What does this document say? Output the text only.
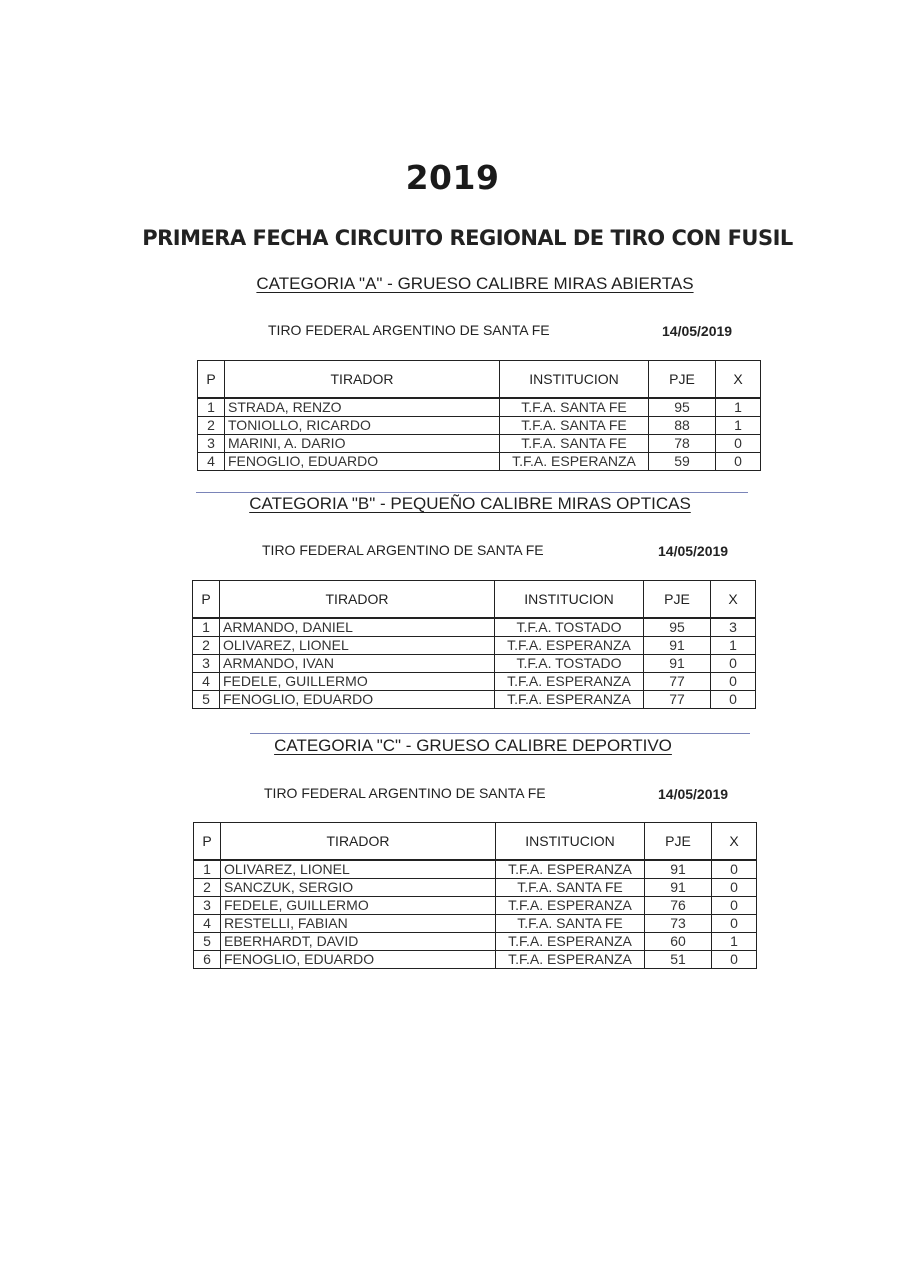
2019
PRIMERA FECHA CIRCUITO REGIONAL DE TIRO CON FUSIL
CATEGORIA "A" - GRUESO CALIBRE MIRAS ABIERTAS
TIRO FEDERAL ARGENTINO DE SANTA FE	14/05/2019
P	TIRADOR	INSTITUCION	PJE	X
1	STRADA, RENZO	T.F.A. SANTA FE	95	1
2	TONIOLLO, RICARDO	T.F.A. SANTA FE	88	1
3	MARINI, A. DARIO	T.F.A. SANTA FE	78	0
4	FENOGLIO, EDUARDO	T.F.A. ESPERANZA	59	0
CATEGORIA "B" - PEQUEÑO CALIBRE MIRAS OPTICAS
TIRO FEDERAL ARGENTINO DE SANTA FE	14/05/2019
P	TIRADOR	INSTITUCION	PJE	X
1	ARMANDO, DANIEL	T.F.A. TOSTADO	95	3
2	OLIVAREZ, LIONEL	T.F.A. ESPERANZA	91	1
3	ARMANDO, IVAN	T.F.A. TOSTADO	91	0
4	FEDELE, GUILLERMO	T.F.A. ESPERANZA	77	0
5	FENOGLIO, EDUARDO	T.F.A. ESPERANZA	77	0
CATEGORIA "C" - GRUESO CALIBRE DEPORTIVO
TIRO FEDERAL ARGENTINO DE SANTA FE	14/05/2019
P	TIRADOR	INSTITUCION	PJE	X
1	OLIVAREZ, LIONEL	T.F.A. ESPERANZA	91	0
2	SANCZUK, SERGIO	T.F.A. SANTA FE	91	0
3	FEDELE, GUILLERMO	T.F.A. ESPERANZA	76	0
4	RESTELLI, FABIAN	T.F.A. SANTA FE	73	0
5	EBERHARDT, DAVID	T.F.A. ESPERANZA	60	1
6	FENOGLIO, EDUARDO	T.F.A. ESPERANZA	51	0
